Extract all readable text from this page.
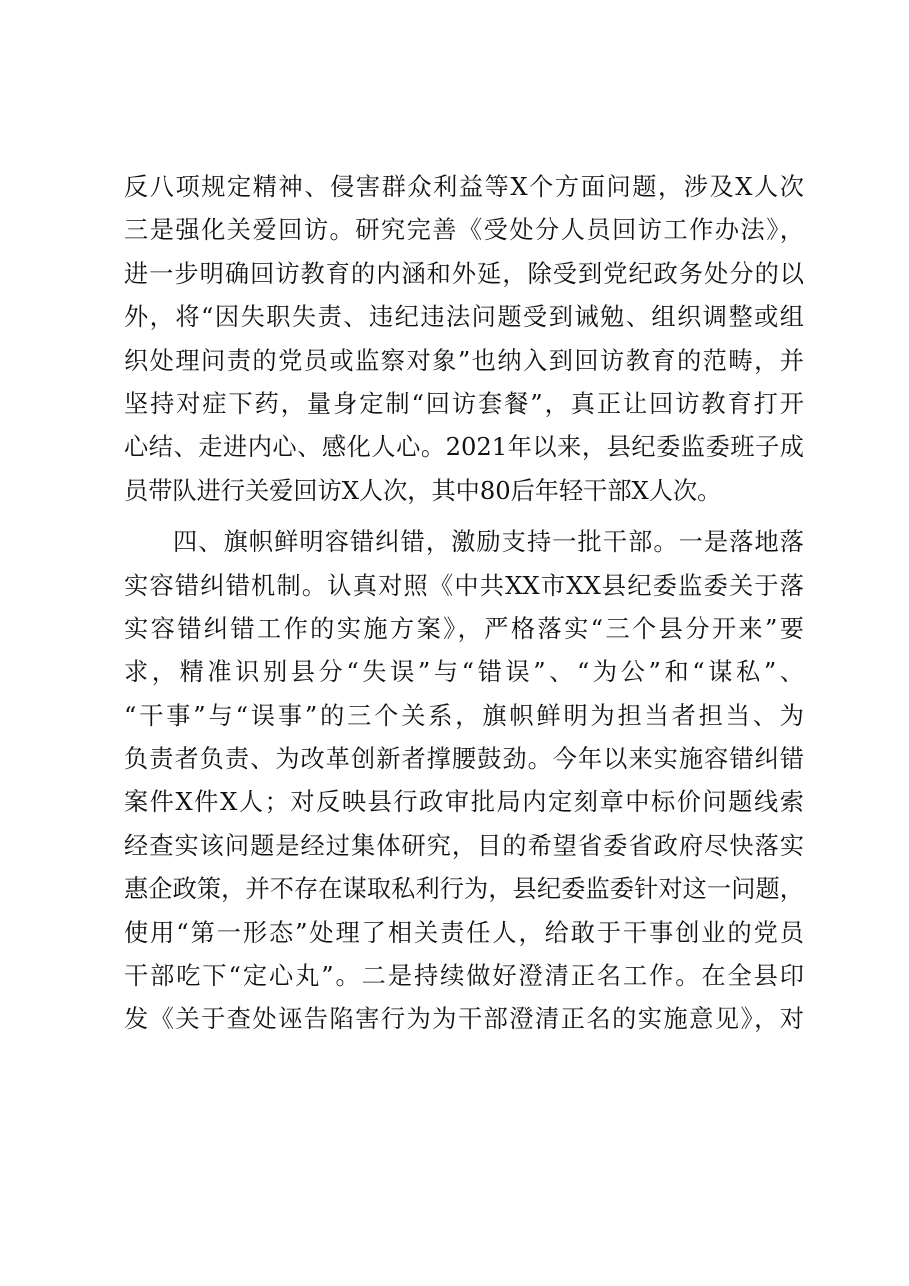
反八项规定精神、侵害群众利益等X个方面问题，涉及X人次
三是强化关爱回访。研究完善《受处分人员回访工作办法》，
进一步明确回访教育的内涵和外延，除受到党纪政务处分的以
外，将“因失职失责、违纪违法问题受到诫勉、组织调整或组
织处理问责的党员或监察对象”也纳入到回访教育的范畴，并
坚持对症下药，量身定制“回访套餐”，真正让回访教育打开
心结、走进内心、感化人心。2021年以来，县纪委监委班子成
员带队进行关爱回访X人次，其中80后年轻干部X人次。
四、旗帜鲜明容错纠错，激励支持一批干部。一是落地落
实容错纠错机制。认真对照《中共XX市XX县纪委监委关于落
实容错纠错工作的实施方案》，严格落实“三个县分开来”要
求，精准识别县分“失误”与“错误”、“为公”和“谋私”、
“干事”与“误事”的三个关系，旗帜鲜明为担当者担当、为
负责者负责、为改革创新者撑腰鼓劲。今年以来实施容错纠错
案件X件X人；对反映县行政审批局内定刻章中标价问题线索
经查实该问题是经过集体研究，目的希望省委省政府尽快落实
惠企政策，并不存在谋取私利行为，县纪委监委针对这一问题，
使用“第一形态”处理了相关责任人，给敢于干事创业的党员
干部吃下“定心丸”。二是持续做好澄清正名工作。在全县印
发《关于查处诬告陷害行为为干部澄清正名的实施意见》，对
